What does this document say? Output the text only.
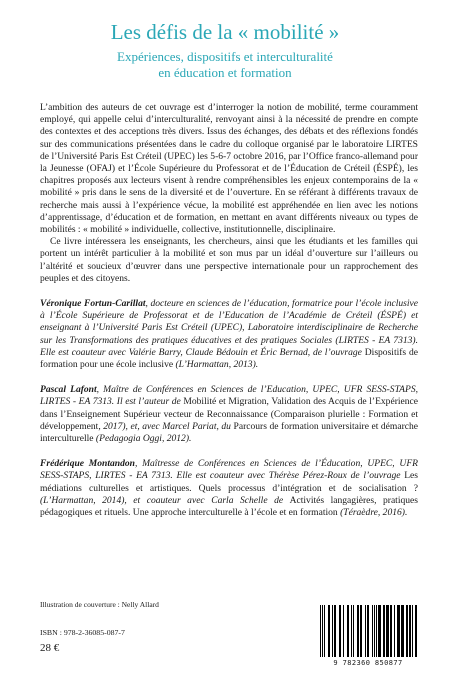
Les défis de la « mobilité »
Expériences, dispositifs et interculturalité
en éducation et formation

L’ambition des auteurs de cet ouvrage est d’interroger la notion de mobilité, terme couramment employé, qui appelle celui d’interculturalité, renvoyant ainsi à la nécessité de prendre en compte des contextes et des acceptions très divers. Issus des échanges, des débats et des réflexions fondés sur des communications présentées dans le cadre du colloque organisé par le laboratoire LIRTES de l’Université Paris Est Créteil (UPEC) les 5-6-7 octobre 2016, par l’Office franco-allemand pour la Jeunesse (OFAJ) et l’École Supérieure du Professorat et de l’Éducation de Créteil (ÉSPÉ), les chapitres proposés aux lecteurs visent à rendre compréhensibles les enjeux contemporains de la « mobilité » pris dans le sens de la diversité et de l’ouverture. En se référant à différents travaux de recherche mais aussi à l’expérience vécue, la mobilité est appréhendée en lien avec les notions d’apprentissage, d’éducation et de formation, en mettant en avant différents niveaux ou types de mobilités : « mobilité » individuelle, collective, institutionnelle, disciplinaire.

Ce livre intéressera les enseignants, les chercheurs, ainsi que les étudiants et les familles qui portent un intérêt particulier à la mobilité et son mus par un idéal d’ouverture sur l’ailleurs ou l’altérité et soucieux d’œuvrer dans une perspective internationale pour un rapprochement des peuples et des citoyens.

Véronique Fortun-Carillat, docteure en sciences de l’éducation, formatrice pour l’école inclusive à l’École Supérieure de Professorat et de l’Education de l’Académie de Créteil (ÉSPÉ) et enseignant à l’Université Paris Est Créteil (UPEC), Laboratoire interdisciplinaire de Recherche sur les Transformations des pratiques éducatives et des pratiques Sociales (LIRTES - EA 7313). Elle est coauteur avec Valérie Barry, Claude Bédouin et Éric Bernad, de l’ouvrage Dispositifs de formation pour une école inclusive (L’Harmattan, 2013).

Pascal Lafont, Maître de Conférences en Sciences de l’Education, UPEC, UFR SESS-STAPS, LIRTES - EA 7313. Il est l’auteur de Mobilité et Migration, Validation des Acquis de l’Expérience dans l’Enseignement Supérieur vecteur de Reconnaissance (Comparaison plurielle : Formation et développement, 2017), et, avec Marcel Pariat, du Parcours de formation universitaire et démarche interculturelle (Pedagogia Oggi, 2012).

Frédérique Montandon, Maîtresse de Conférences en Sciences de l’Éducation, UPEC, UFR SESS-STAPS, LIRTES - EA 7313. Elle est coauteur avec Thérèse Pérez-Roux de l’ouvrage Les médiations culturelles et artistiques. Quels processus d’intégration et de socialisation ? (L’Harmattan, 2014), et coauteur avec Carla Schelle de Activités langagières, pratiques pédagogiques et rituels. Une approche interculturelle à l’école et en formation (Téraèdre, 2016).

Illustration de couverture : Nelly Allard
ISBN : 978-2-36085-087-7
28 €
9 782360 850877
